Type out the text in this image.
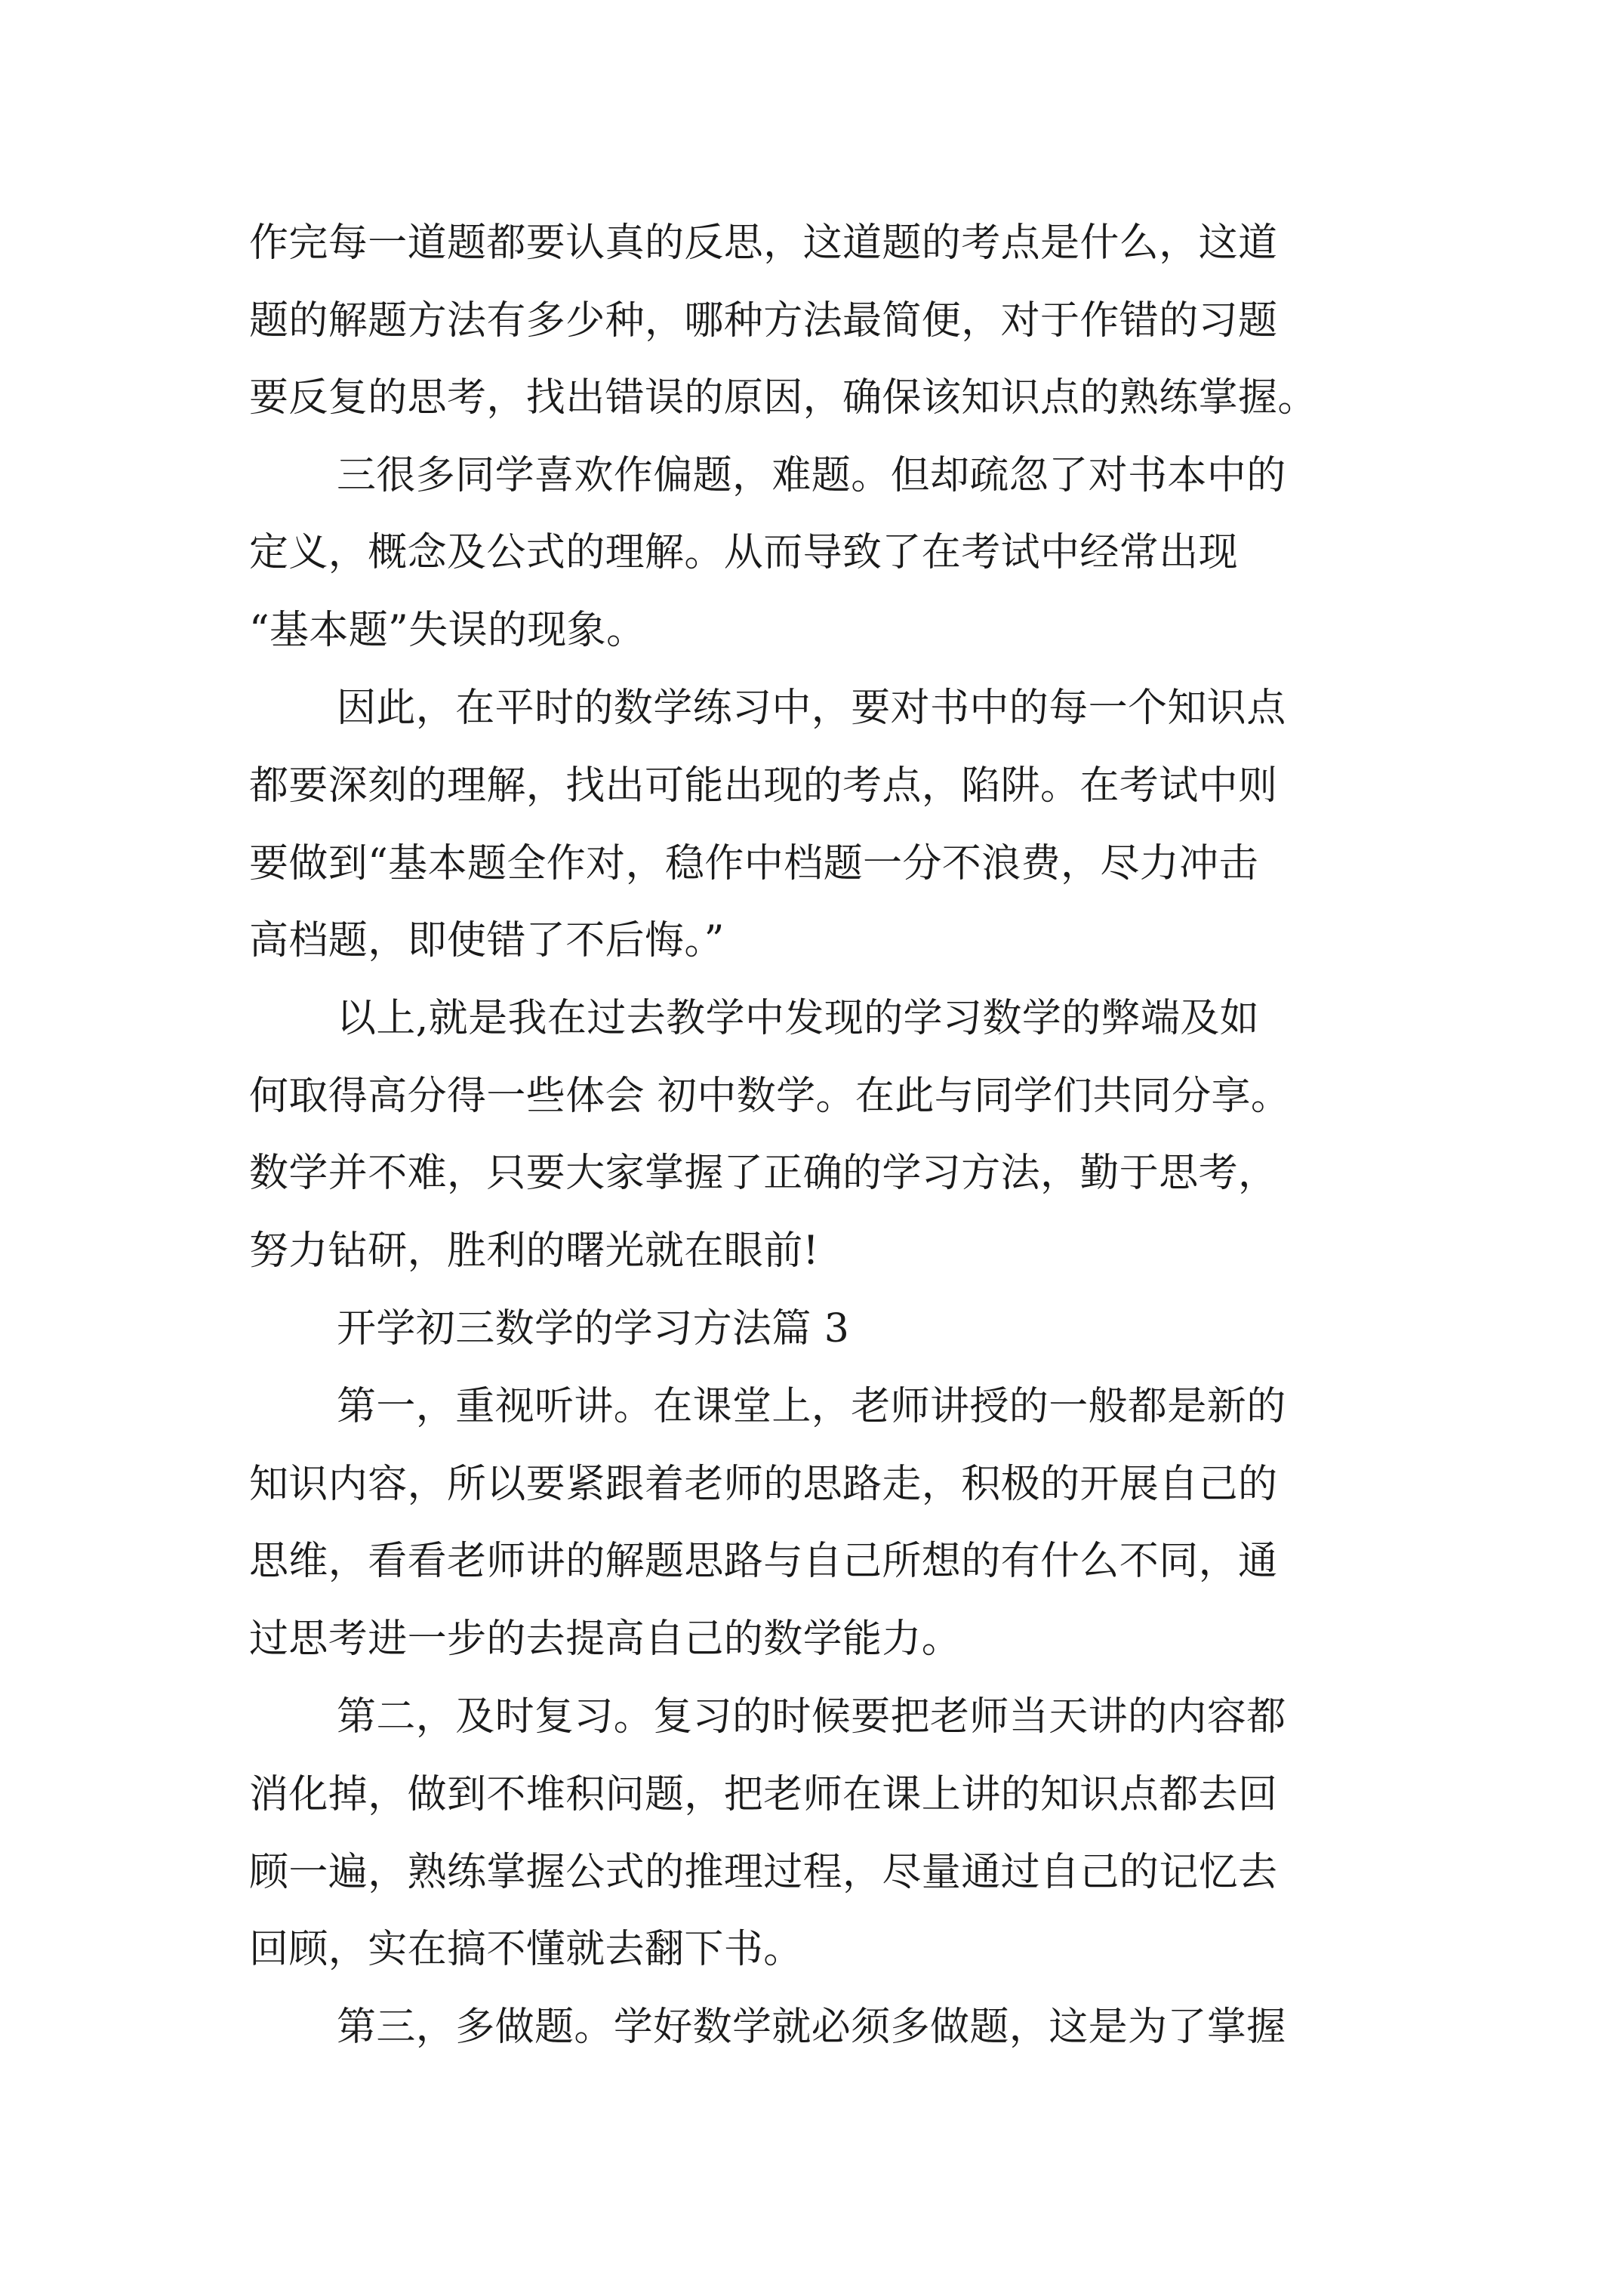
作完每一道题都要认真的反思，这道题的考点是什么，这道
题的解题方法有多少种，哪种方法最简便，对于作错的习题
要反复的思考，找出错误的原因，确保该知识点的熟练掌握。
三很多同学喜欢作偏题，难题。但却疏忽了对书本中的
定义，概念及公式的理解。从而导致了在考试中经常出现
“基本题”失误的现象。
因此，在平时的数学练习中，要对书中的每一个知识点
都要深刻的理解，找出可能出现的考点，陷阱。在考试中则
要做到“基本题全作对，稳作中档题一分不浪费，尽力冲击
高档题，即使错了不后悔。”
以上,就是我在过去教学中发现的学习数学的弊端及如
何取得高分得一些体会 初中数学。在此与同学们共同分享。
数学并不难，只要大家掌握了正确的学习方法，勤于思考，
努力钻研，胜利的曙光就在眼前!
开学初三数学的学习方法篇 3
第一，重视听讲。在课堂上，老师讲授的一般都是新的
知识内容，所以要紧跟着老师的思路走，积极的开展自己的
思维，看看老师讲的解题思路与自己所想的有什么不同，通
过思考进一步的去提高自己的数学能力。
第二，及时复习。复习的时候要把老师当天讲的内容都
消化掉，做到不堆积问题，把老师在课上讲的知识点都去回
顾一遍，熟练掌握公式的推理过程，尽量通过自己的记忆去
回顾，实在搞不懂就去翻下书。
第三，多做题。学好数学就必须多做题，这是为了掌握
